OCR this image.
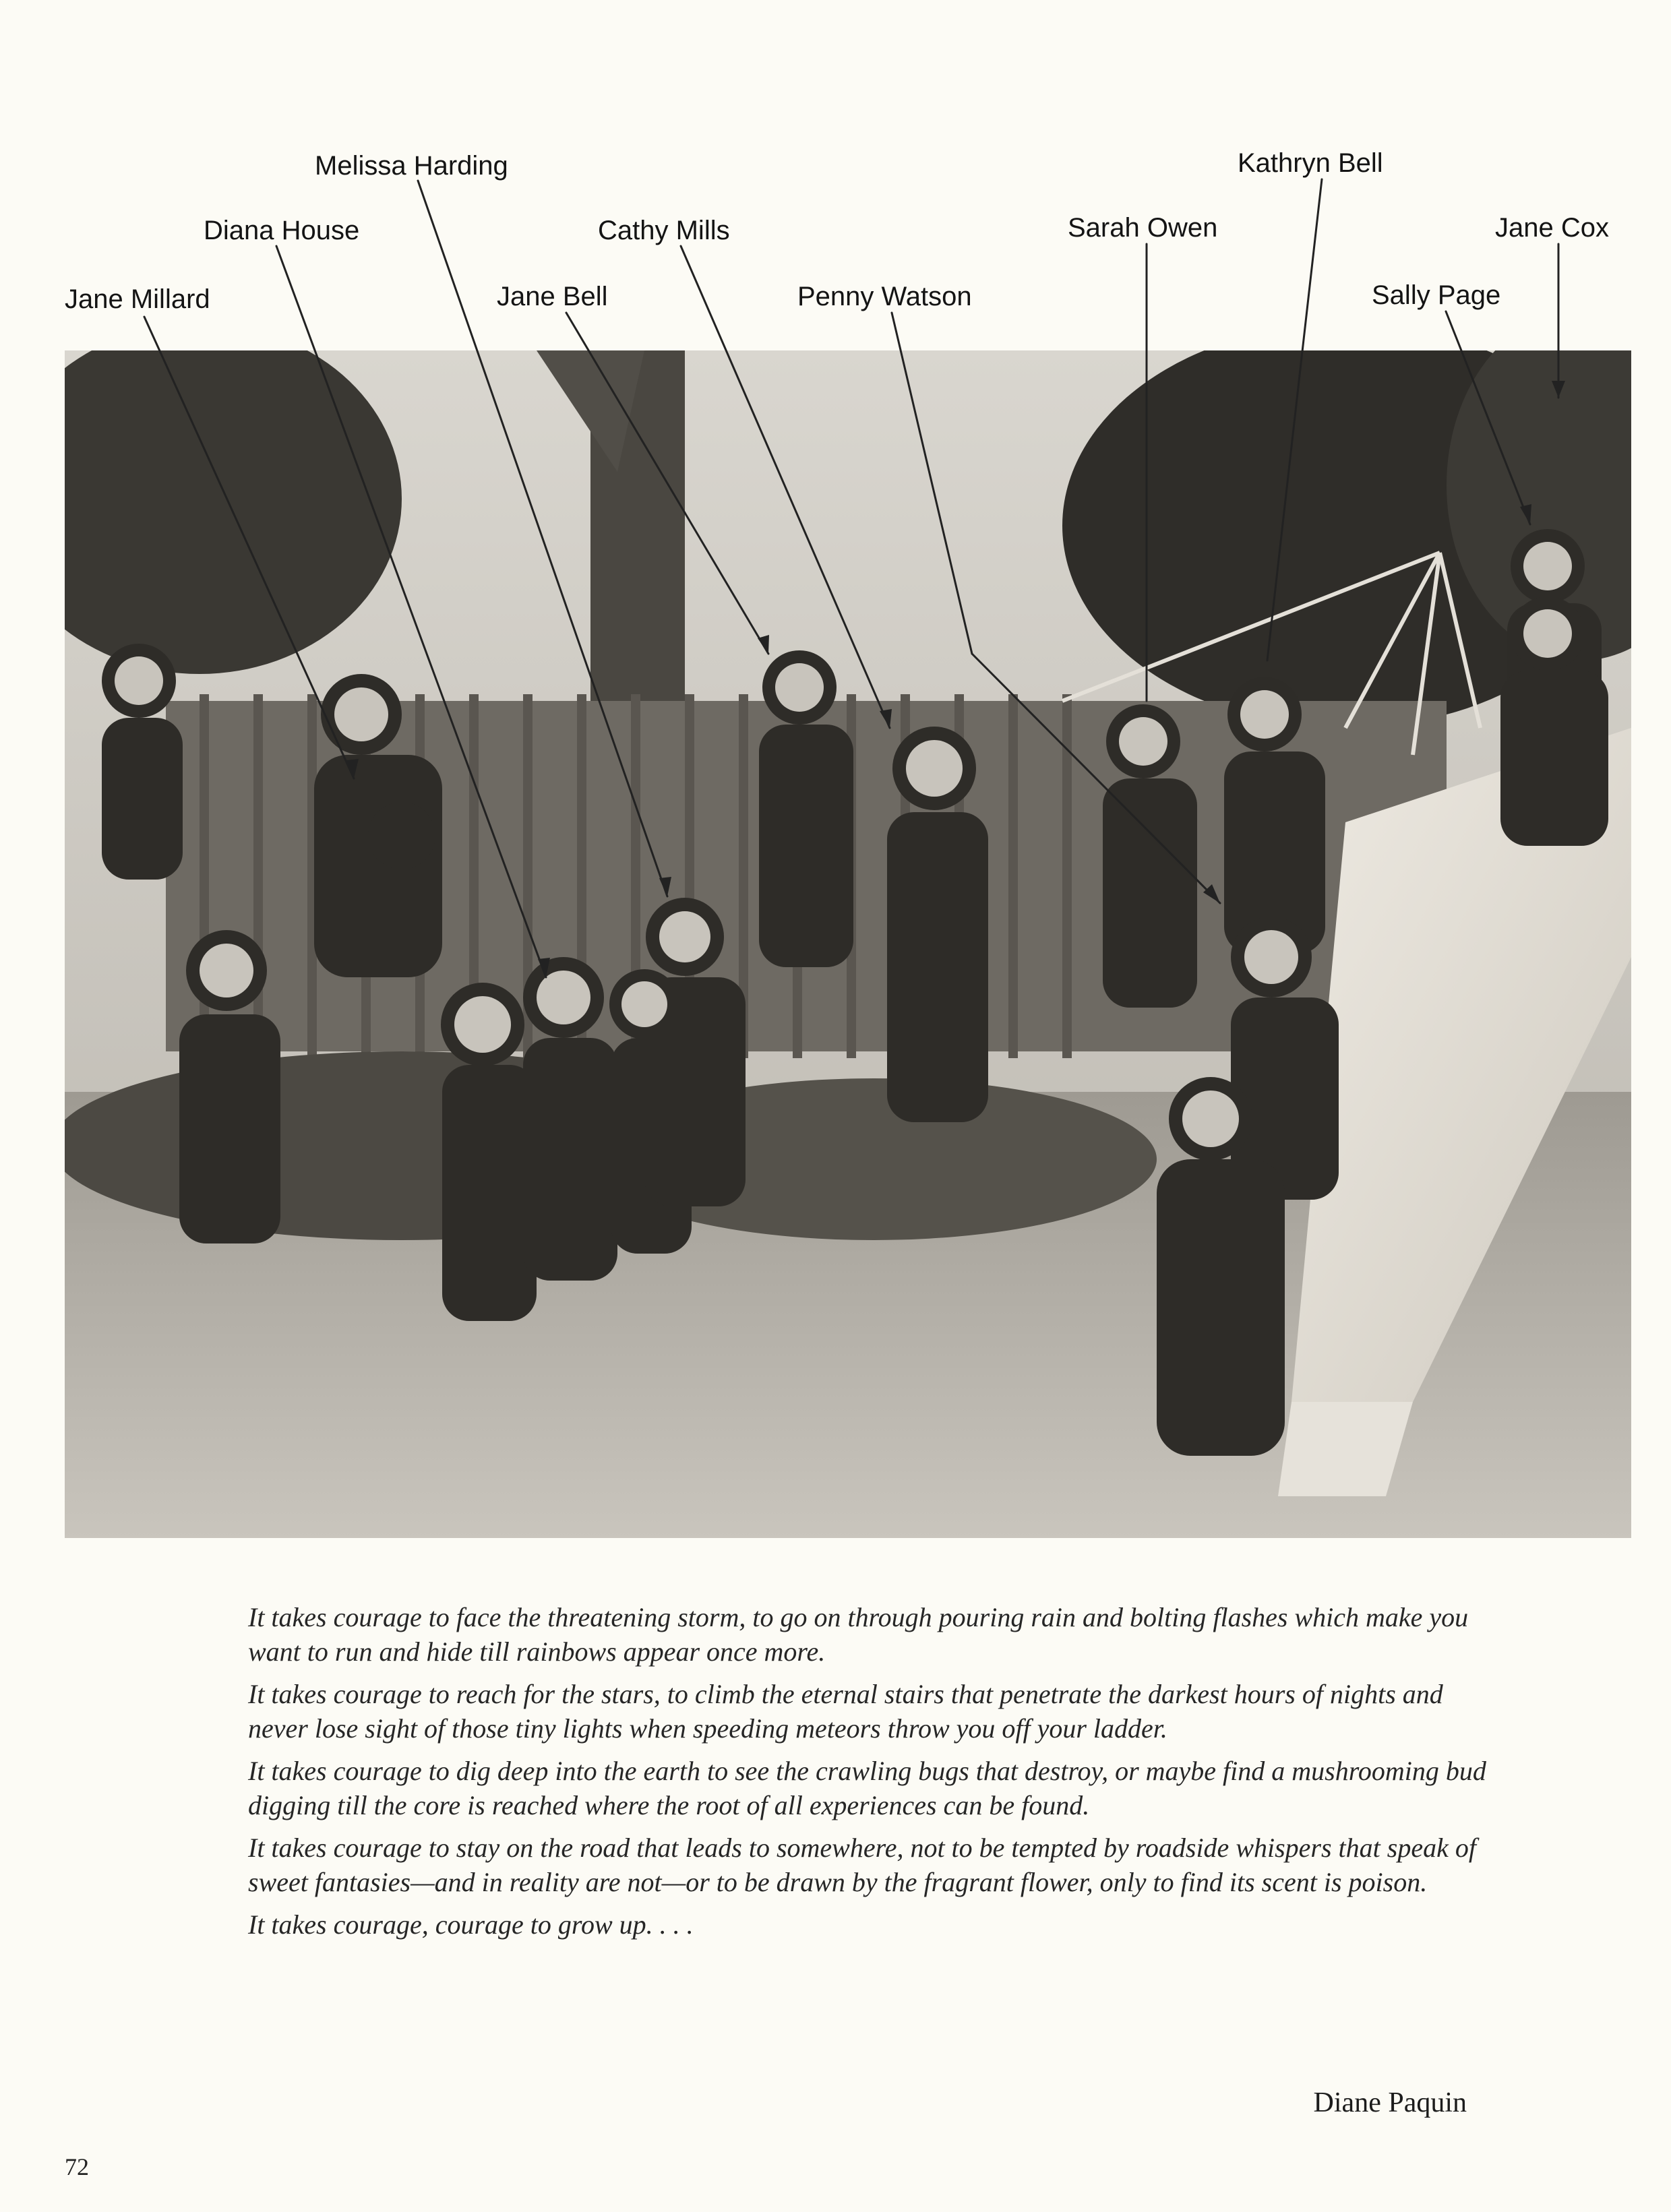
Melissa Harding	Kathryn Bell
Diana House	Cathy Mills	Sarah Owen	Jane Cox
Jane Millard	Jane Bell	Penny Watson	Sally Page

It takes courage to face the threatening storm, to go on through pouring rain and bolting flashes which make you want to run and hide till rainbows appear once more.

It takes courage to reach for the stars, to climb the eternal stairs that penetrate the darkest hours of nights and never lose sight of those tiny lights when speeding meteors throw you off your ladder.

It takes courage to dig deep into the earth to see the crawling bugs that destroy, or maybe find a mushrooming bud digging till the core is reached where the root of all experiences can be found.

It takes courage to stay on the road that leads to somewhere, not to be tempted by roadside whispers that speak of sweet fantasies—and in reality are not—or to be drawn by the fragrant flower, only to find its scent is poison.

It takes courage, courage to grow up. . . .

Diane Paquin
72
